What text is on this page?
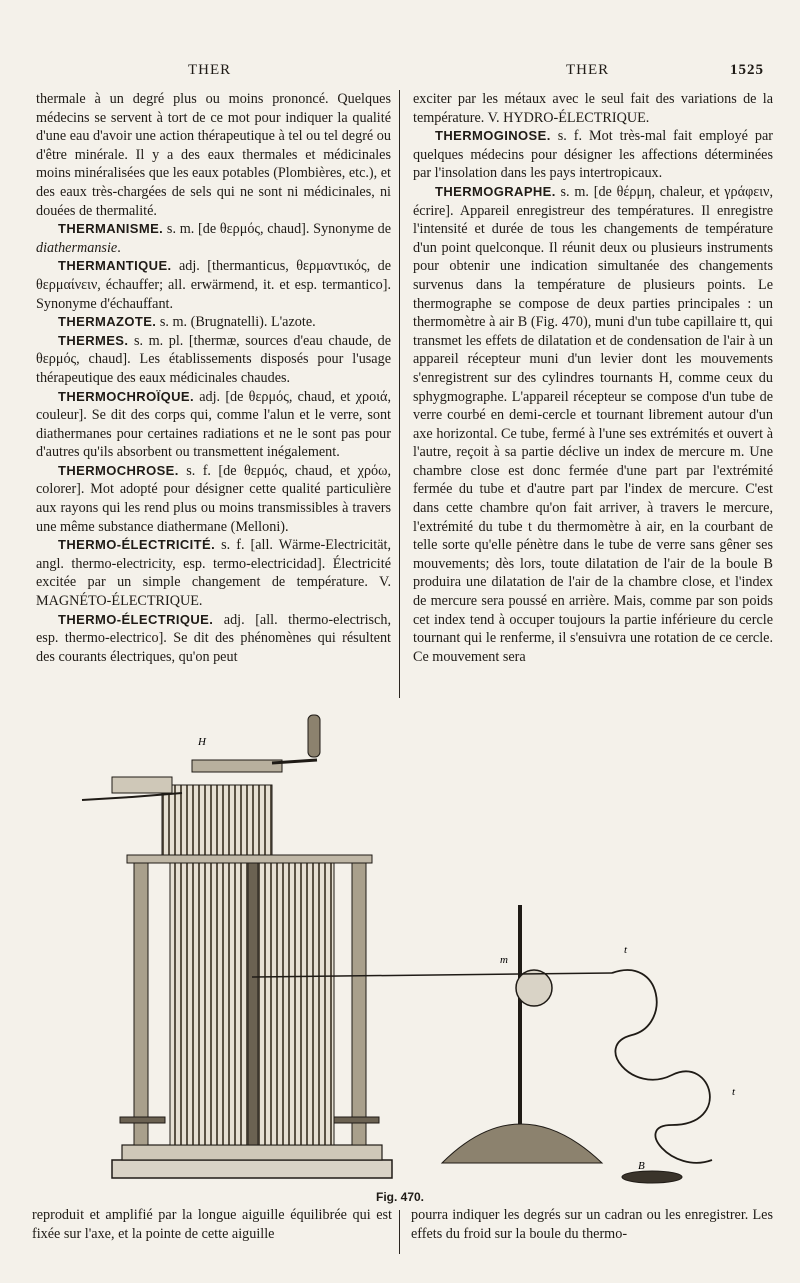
THER	THER	1525

thermale à un degré plus ou moins prononcé. Quelques médecins se servent à tort de ce mot pour indiquer la qualité d'une eau d'avoir une action thérapeutique à tel ou tel degré ou d'être minérale. Il y a des eaux thermales et médicinales moins minéralisées que les eaux potables (Plombières, etc.), et des eaux très-chargées de sels qui ne sont ni médicinales, ni douées de thermalité.

THERMANISME. s. m. [de θερμός, chaud]. Synonyme de diathermansie.

THERMANTIQUE. adj. [thermanticus, θερμαντικός, de θερμαίνειν, échauffer; all. erwärmend, it. et esp. termantico]. Synonyme d'échauffant.

THERMAZOTE. s. m. (Brugnatelli). L'azote.

THERMES. s. m. pl. [thermæ, sources d'eau chaude, de θερμός, chaud]. Les établissements disposés pour l'usage thérapeutique des eaux médicinales chaudes.

THERMOCHROÏQUE. adj. [de θερμός, chaud, et χροιά, couleur]. Se dit des corps qui, comme l'alun et le verre, sont diathermanes pour certaines radiations et ne le sont pas pour d'autres qu'ils absorbent ou transmettent inégalement.

THERMOCHROSE. s. f. [de θερμός, chaud, et χρόω, colorer]. Mot adopté pour désigner cette qualité particulière aux rayons qui les rend plus ou moins transmissibles à travers une même substance diathermane (Melloni).

THERMO-ÉLECTRICITÉ. s. f. [all. Wärme-Electricität, angl. thermo-electricity, esp. termo-electricidad]. Électricité excitée par un simple changement de température. V. MAGNÉTO-ÉLECTRIQUE.

THERMO-ÉLECTRIQUE. adj. [all. thermo-electrisch, esp. thermo-electrico]. Se dit des phénomènes qui résultent des courants électriques, qu'on peut

exciter par les métaux avec le seul fait des variations de la température. V. HYDRO-ÉLECTRIQUE.

THERMOGINOSE. s. f. Mot très-mal fait employé par quelques médecins pour désigner les affections déterminées par l'insolation dans les pays intertropicaux.

THERMOGRAPHE. s. m. [de θέρμη, chaleur, et γράφειν, écrire]. Appareil enregistreur des températures. Il enregistre l'intensité et durée de tous les changements de température d'un point quelconque. Il réunit deux ou plusieurs instruments pour obtenir une indication simultanée des changements survenus dans la température de plusieurs points. Le thermographe se compose de deux parties principales : un thermomètre à air B (Fig. 470), muni d'un tube capillaire tt, qui transmet les effets de dilatation et de condensation de l'air à un appareil récepteur muni d'un levier dont les mouvements s'enregistrent sur des cylindres tournants H, comme ceux du sphygmographe. L'appareil récepteur se compose d'un tube de verre courbé en demi-cercle et tournant librement autour d'un axe horizontal. Ce tube, fermé à l'une ses extrémités et ouvert à l'autre, reçoit à sa partie déclive un index de mercure m. Une chambre close est donc fermée d'une part par l'extrémité fermée du tube et d'autre part par l'index de mercure. C'est dans cette chambre qu'on fait arriver, à travers le mercure, l'extrémité du tube t du thermomètre à air, en la courbant de telle sorte qu'elle pénètre dans le tube de verre sans gêner ses mouvements; dès lors, toute dilatation de l'air de la boule B produira une dilatation de l'air de la chambre close, et l'index de mercure sera poussé en arrière. Mais, comme par son poids cet index tend à occuper toujours la partie inférieure du cercle tournant qui le renferme, il s'ensuivra une rotation de ce cercle. Ce mouvement sera

H
m
t
t
B
Fig. 470.
reproduit et amplifié par la longue aiguille équilibrée qui est fixée sur l'axe, et la pointe de cette aiguille
pourra indiquer les degrés sur un cadran ou les enregistrer. Les effets du froid sur la boule du thermo-
